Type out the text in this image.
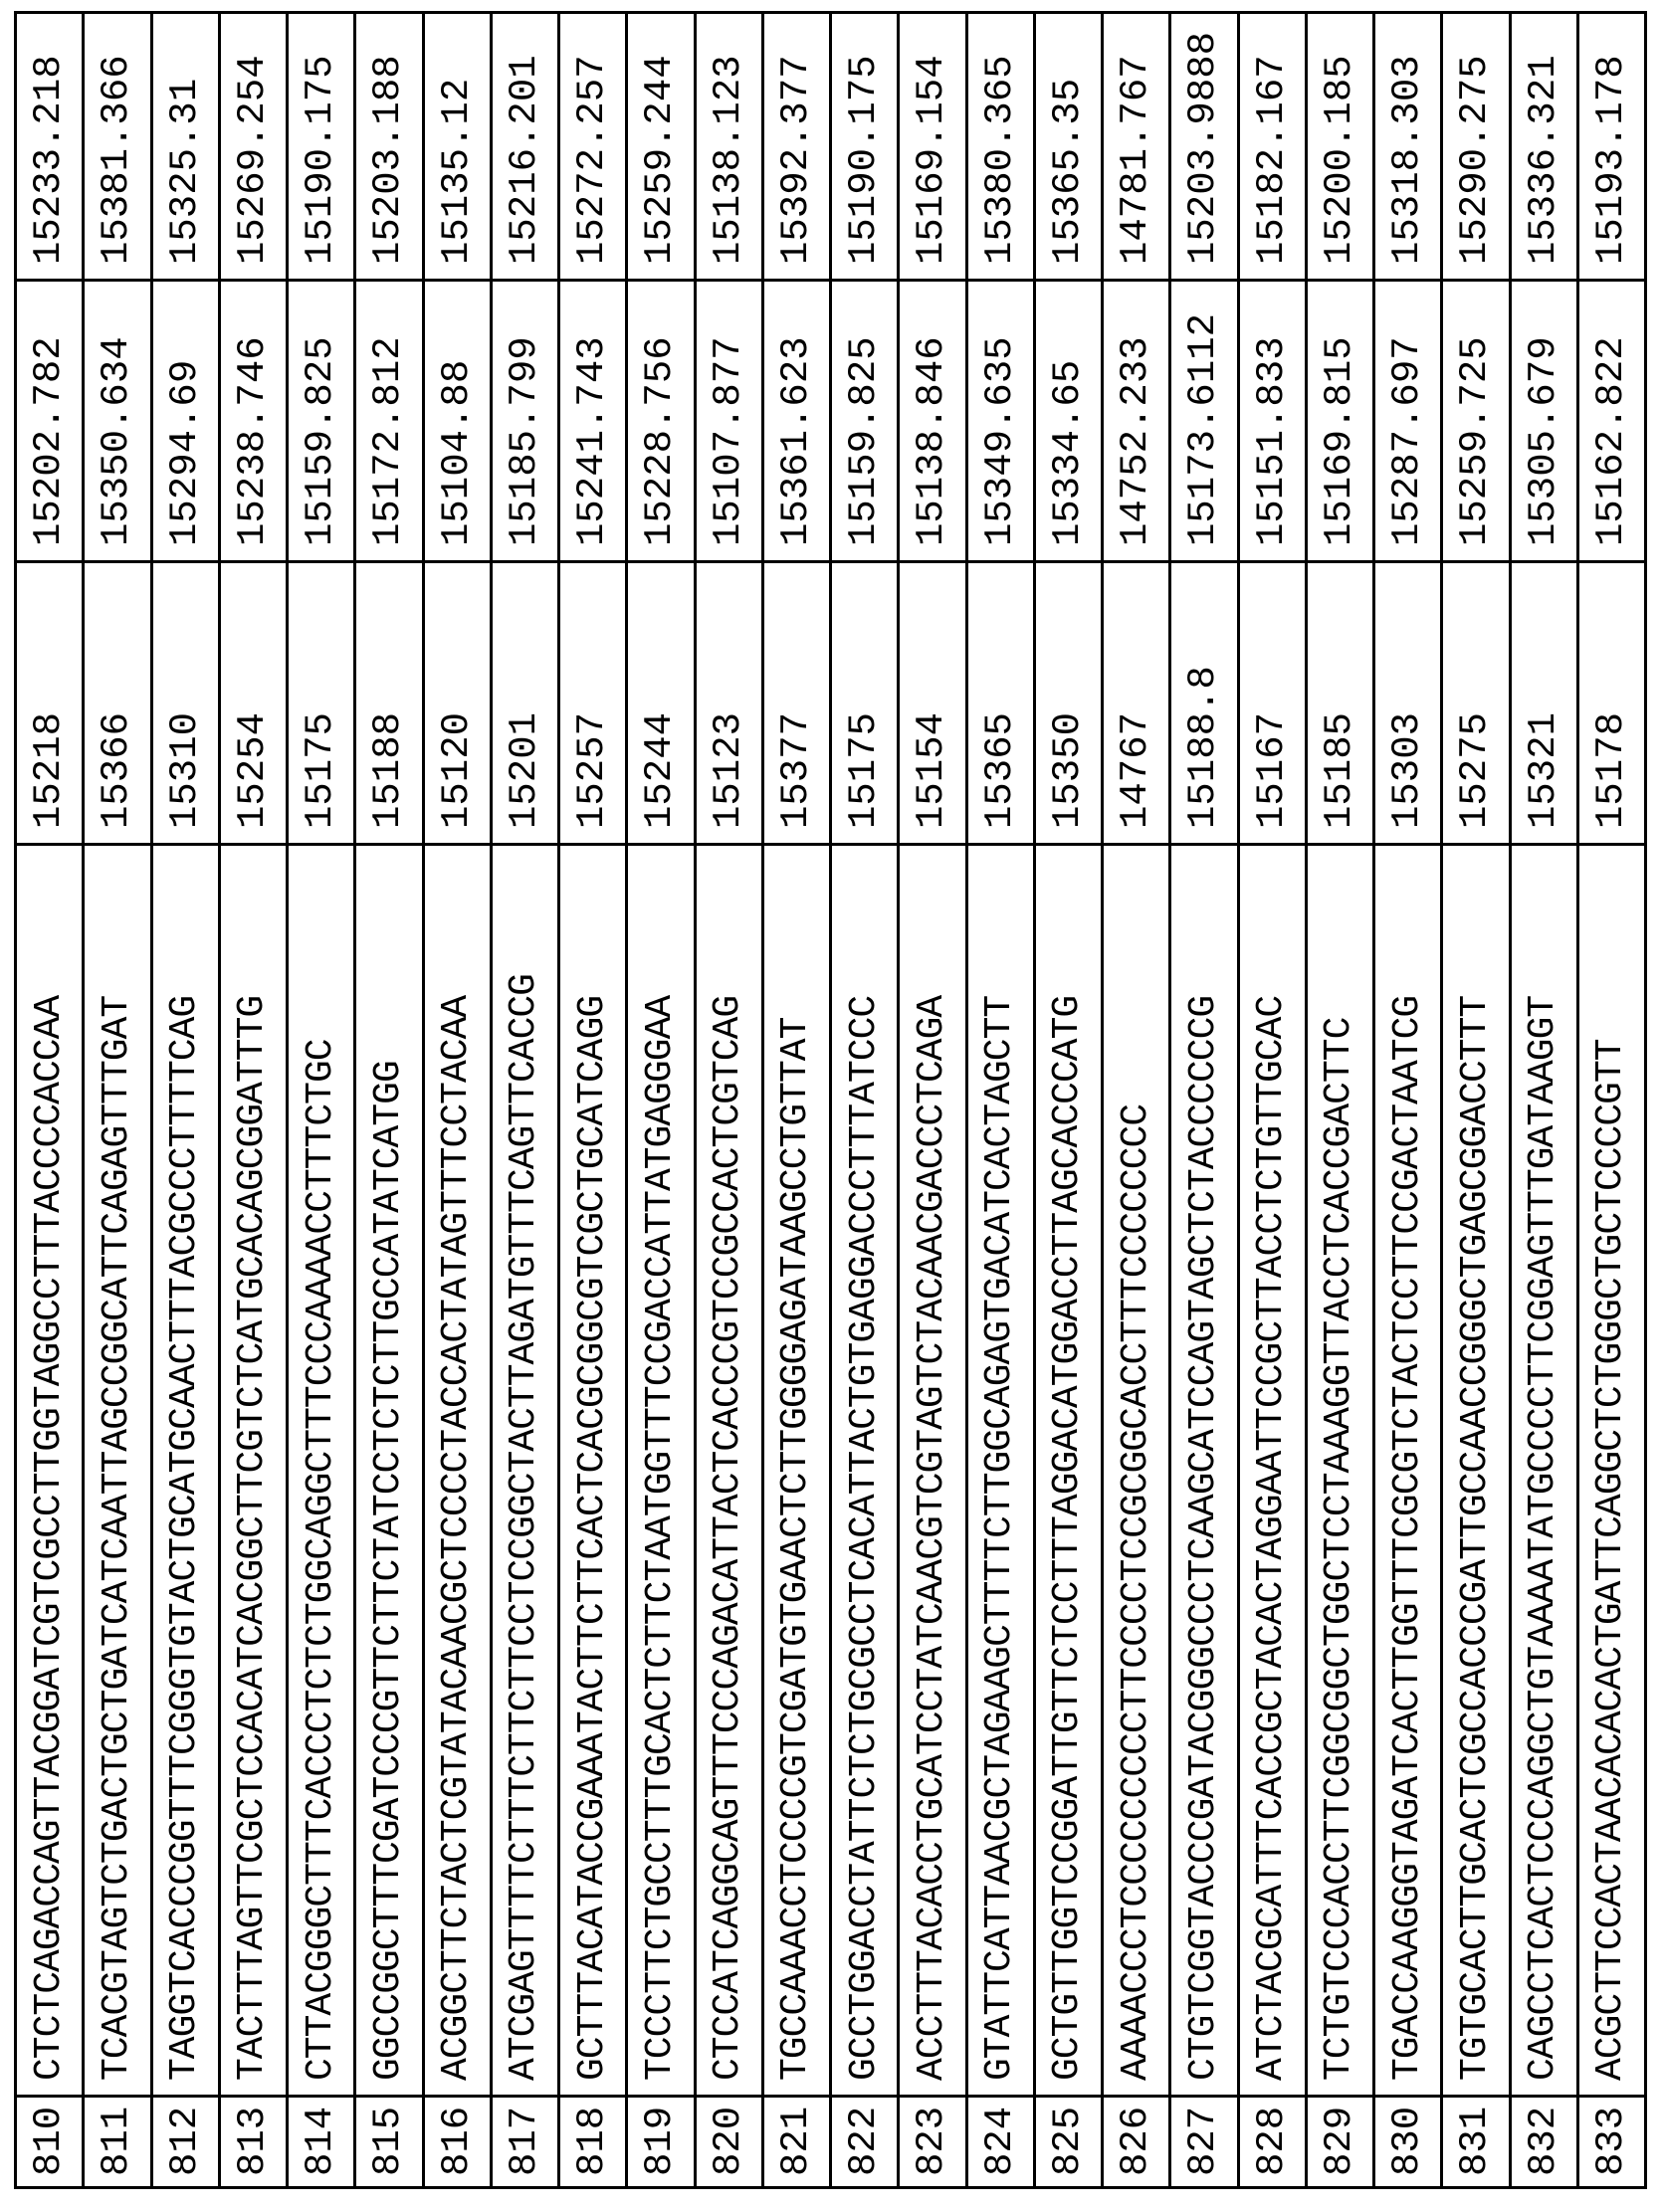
810	CTCTCAGACCAGTTACGGATCGTCGCCTTGGTAGGCCTTTACCCCACCAA	15218	15202.782	15233.218
811	TCACGTAGTCTGACTGCTGATCATCAATTAGCCGGCATTCAGAGTTTGAT	15366	15350.634	15381.366
812	TAGGTCACCCGGTTTCGGGTGTACTGCATGCAACTTTACGCCCTTTTCAG	15310	15294.69	15325.31
813	TACTTTAGTTCGCTCCACATCACGGCTTCGTCTCATGCACAGCGGATTTG	15254	15238.746	15269.254
814	CTTACGGGCTTTCACCCTCTCTGGCAGGCTTTCCCAAAACCTTTCTGC	15175	15159.825	15190.175
815	GGCCGGCTTTCGATCCCGTTCTTCTATCCTCTCTTGCCATATCATGG	15188	15172.812	15203.188
816	ACGGCTTCTACTCGTATACAACGCTCCCCTACCACTATAGTTTCCTACAA	15120	15104.88	15135.12
817	ATCGAGTTTTCTTTCTTCTTCCTCCGGCTACTTAGATGTTTCAGTTCACCG	15201	15185.799	15216.201
818	GCTTTACATACCGAAATACTTCTTCACTCACGCGGCGTCGCTGCATCAGG	15257	15241.743	15272.257
819	TCCCTTCTGCCTTTGCACTCTTCTAATGGTTTCCGACCATTATGAGGGAA	15244	15228.756	15259.244
820	CTCCATCAGGCAGTTTCCCAGACATTACTCACCCGTCCGCCACTCGTCAG	15123	15107.877	15138.123
821	TGCCAAACCTCCCCGTCGATGTGAACTCTTGGGGAGATAAGCCTGTTAT	15377	15361.623	15392.377
822	GCCTGGACCTATTCTCTGCGCCTCACATTACTGTGAGGACCCTTTATCCC	15175	15159.825	15190.175
823	ACCTTTACACCTGCATCCTATCAACGTCGTAGTCTACAACGACCCTCAGA	15154	15138.846	15169.154
824	GTATTCATTAACGCTAGAAGCTTTTCTTGGCAGAGTGACATCACTAGCTT	15365	15349.635	15380.365
825	GCTGTTGGTCCGGATTGTTCTCCTTTAGGACATGGACCTTAGCACCCATG	15350	15334.65	15365.35
826	AAAACCCTCCCCCCCCCTTCCCCTCCGCGGCACCTTTCCCCCCCC	14767	14752.233	14781.767
827	CTGTCGGTACCCGATACGGGCCCTCAAGCATCCAGTAGCTCTACCCCCCG	15188.8	15173.6112	15203.9888
828	ATCTACGCATTTCACCGCTACACTAGGAATTCCGCTTACCTCTGTTGCAC	15167	15151.833	15182.167
829	TCTGTCCCACCTTCGGCGGCTGGCTCCTAAAGGTTACCTCACCGACTTC	15185	15169.815	15200.185
830	TGACCAAGGGTAGATCACTTGGTTTCGCGTCTACTCCTTCCGACTAATCG	15303	15287.697	15318.303
831	TGTGCACTTGCACTCGCCACCCGATTGCCAACCGGGCTGAGCGGACCTTT	15275	15259.725	15290.275
832	CAGCCTCACTCCCAGGCTGTAAAATATGCCCCTTCGGAGTTTGATAAGGT	15321	15305.679	15336.321
833	ACGCTTCCACTAACACACACTGATTCAGGCTCTGGGCTGCTCCCCGTT	15178	15162.822	15193.178
